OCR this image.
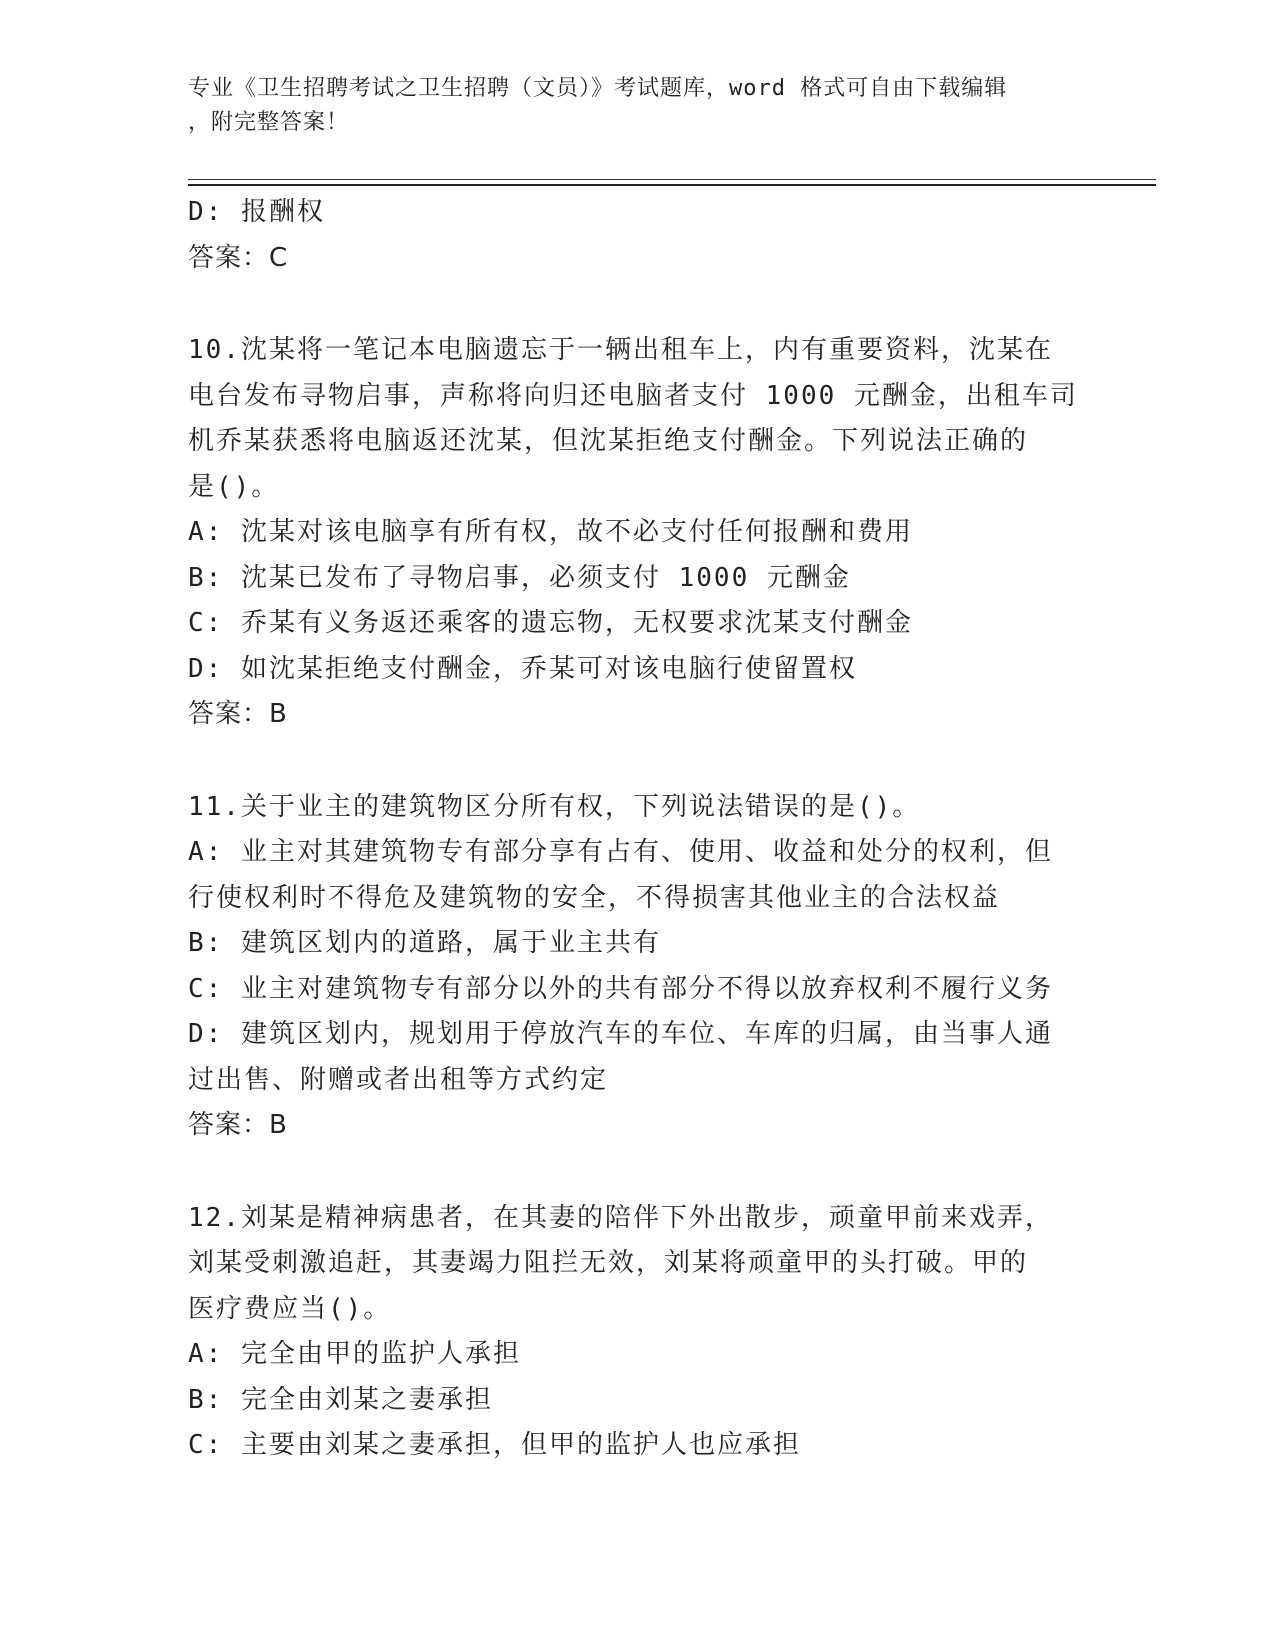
专业《卫生招聘考试之卫生招聘（文员）》考试题库，word 格式可自由下载编辑
，附完整答案！
D: 报酬权
答案：C
10.沈某将一笔记本电脑遗忘于一辆出租车上，内有重要资料，沈某在
电台发布寻物启事，声称将向归还电脑者支付 1000 元酬金，出租车司
机乔某获悉将电脑返还沈某，但沈某拒绝支付酬金。下列说法正确的
是()。
A: 沈某对该电脑享有所有权，故不必支付任何报酬和费用
B: 沈某已发布了寻物启事，必须支付 1000 元酬金
C: 乔某有义务返还乘客的遗忘物，无权要求沈某支付酬金
D: 如沈某拒绝支付酬金，乔某可对该电脑行使留置权
答案：B
11.关于业主的建筑物区分所有权，下列说法错误的是()。
A: 业主对其建筑物专有部分享有占有、使用、收益和处分的权利，但
行使权利时不得危及建筑物的安全，不得损害其他业主的合法权益
B: 建筑区划内的道路，属于业主共有
C: 业主对建筑物专有部分以外的共有部分不得以放弃权利不履行义务
D: 建筑区划内，规划用于停放汽车的车位、车库的归属，由当事人通
过出售、附赠或者出租等方式约定
答案：B
12.刘某是精神病患者，在其妻的陪伴下外出散步，顽童甲前来戏弄，
刘某受刺激追赶，其妻竭力阻拦无效，刘某将顽童甲的头打破。甲的
医疗费应当()。
A: 完全由甲的监护人承担
B: 完全由刘某之妻承担
C: 主要由刘某之妻承担，但甲的监护人也应承担
